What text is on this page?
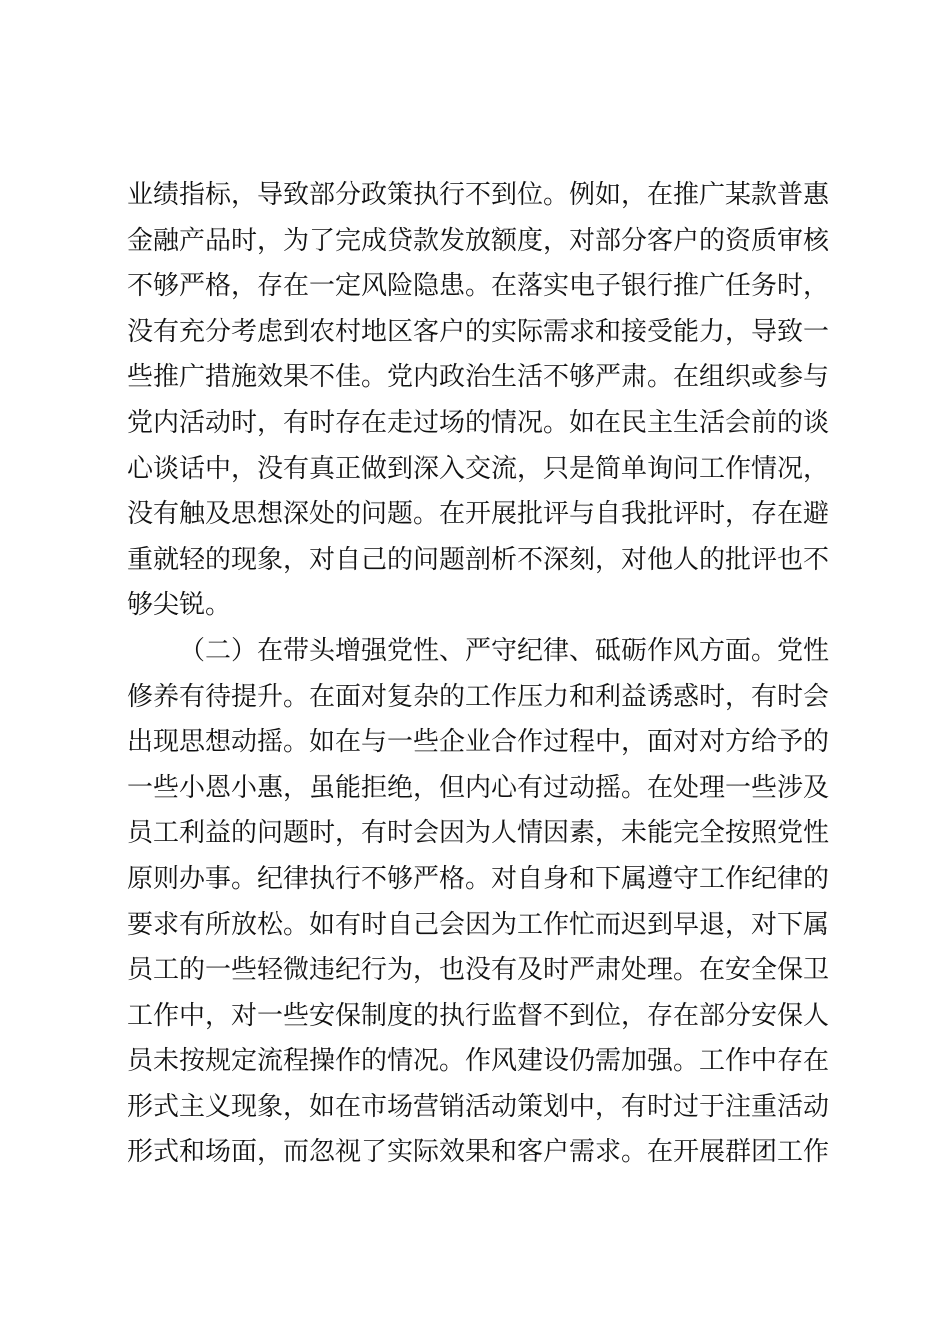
业绩指标，导致部分政策执行不到位。例如，在推广某款普惠
金融产品时，为了完成贷款发放额度，对部分客户的资质审核
不够严格，存在一定风险隐患。在落实电子银行推广任务时，
没有充分考虑到农村地区客户的实际需求和接受能力，导致一
些推广措施效果不佳。党内政治生活不够严肃。在组织或参与
党内活动时，有时存在走过场的情况。如在民主生活会前的谈
心谈话中，没有真正做到深入交流，只是简单询问工作情况，
没有触及思想深处的问题。在开展批评与自我批评时，存在避
重就轻的现象，对自己的问题剖析不深刻，对他人的批评也不
够尖锐。

（二）在带头增强党性、严守纪律、砥砺作风方面。党性
修养有待提升。在面对复杂的工作压力和利益诱惑时，有时会
出现思想动摇。如在与一些企业合作过程中，面对对方给予的
一些小恩小惠，虽能拒绝，但内心有过动摇。在处理一些涉及
员工利益的问题时，有时会因为人情因素，未能完全按照党性
原则办事。纪律执行不够严格。对自身和下属遵守工作纪律的
要求有所放松。如有时自己会因为工作忙而迟到早退，对下属
员工的一些轻微违纪行为，也没有及时严肃处理。在安全保卫
工作中，对一些安保制度的执行监督不到位，存在部分安保人
员未按规定流程操作的情况。作风建设仍需加强。工作中存在
形式主义现象，如在市场营销活动策划中，有时过于注重活动
形式和场面，而忽视了实际效果和客户需求。在开展群团工作
